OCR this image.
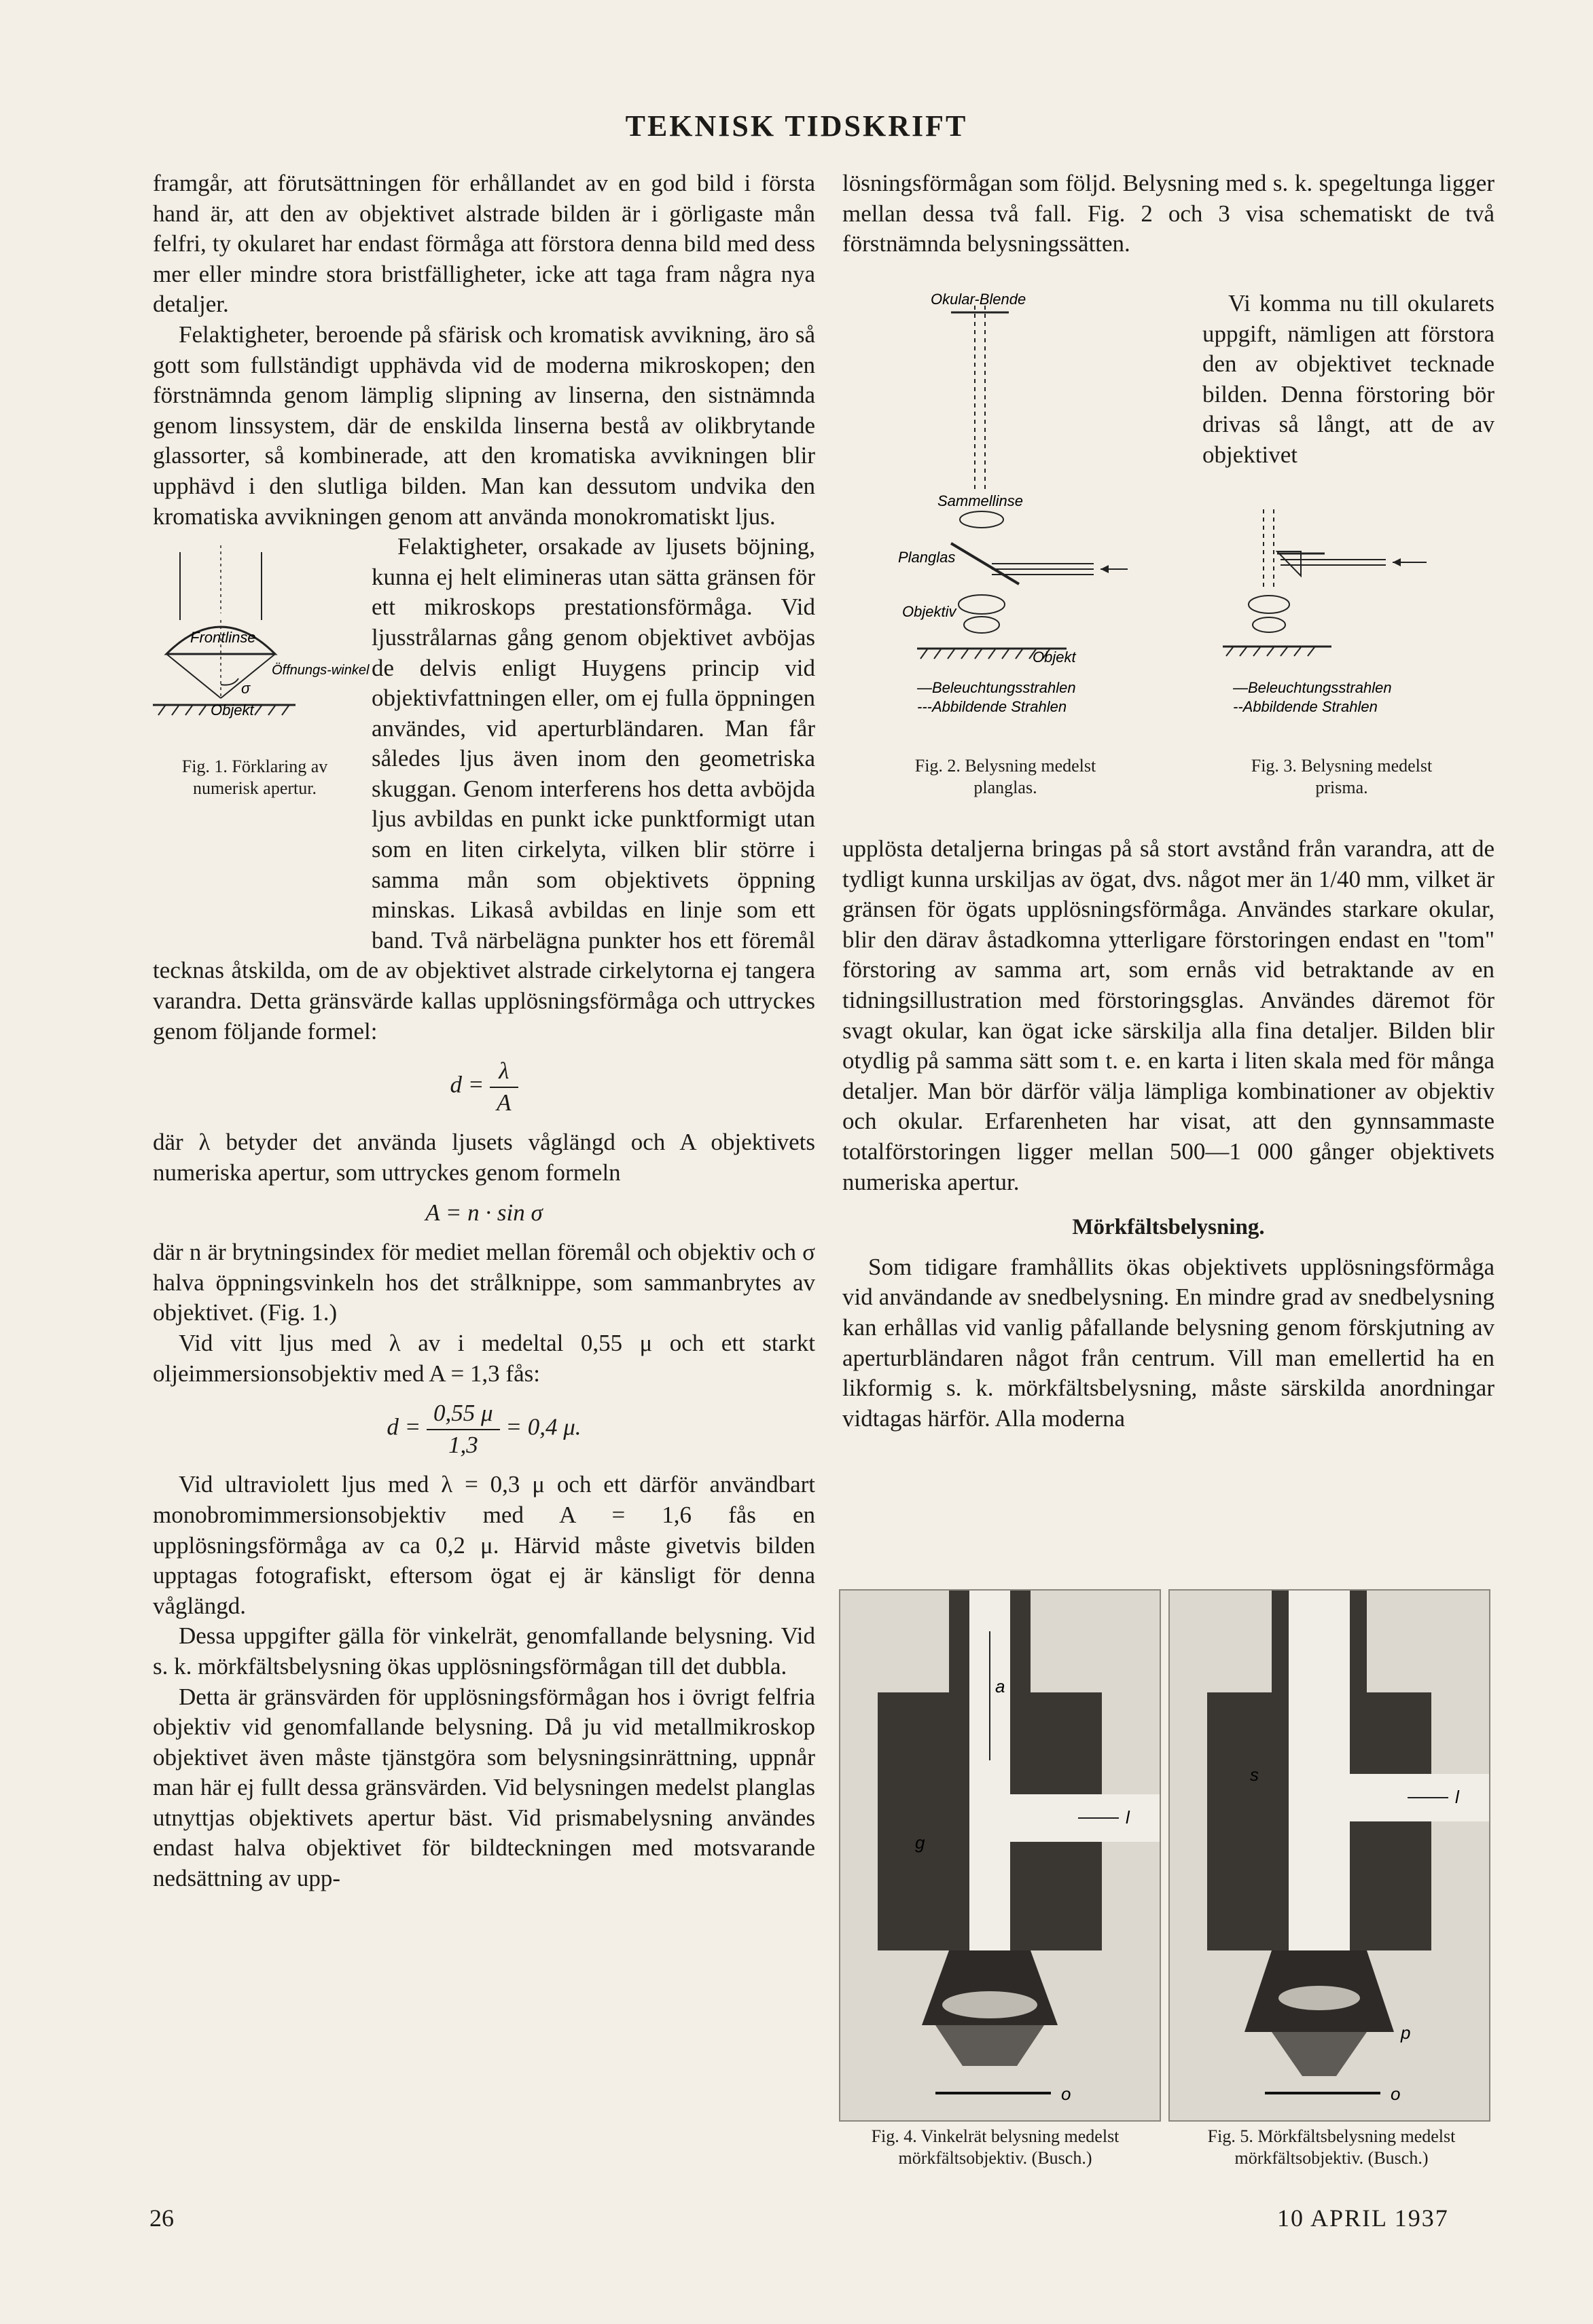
TEKNISK TIDSKRIFT

framgår, att förutsättningen för erhållandet av en god bild i första hand är, att den av objektivet alstrade bilden är i görligaste mån felfri, ty okularet har endast förmåga att förstora denna bild med dess mer eller mindre stora bristfälligheter, icke att taga fram några nya detaljer.

Felaktigheter, beroende på sfärisk och kromatisk avvikning, äro så gott som fullständigt upphävda vid de moderna mikroskopen; den förstnämnda genom lämplig slipning av linserna, den sistnämnda genom linssystem, där de enskilda linserna bestå av olikbrytande glassorter, så kombinerade, att den kromatiska avvikningen blir upphävd i den slutliga bilden. Man kan dessutom undvika den kromatiska avvikningen genom att använda monokromatiskt ljus.

Frontlinse
Öffnungs-winkel
σ
Objekt
Fig. 1. Förklaring av numerisk apertur.

Felaktigheter, orsakade av ljusets böjning, kunna ej helt elimineras utan sätta gränsen för ett mikroskops prestationsförmåga. Vid ljusstrålarnas gång genom objektivet avböjas de delvis enligt Huygens princip vid objektivfattningen eller, om ej fulla öppningen användes, vid aperturbländaren. Man får således ljus även inom den geometriska skuggan. Genom interferens hos detta avböjda ljus avbildas en punkt icke punktformigt utan som en liten cirkelyta, vilken blir större i samma mån som objektivets öppning minskas. Likaså avbildas en linje som ett band. Två närbelägna punkter hos ett föremål tecknas åtskilda, om de av objektivet alstrade cirkelytorna ej tangera varandra. Detta gränsvärde kallas upplösningsförmåga och uttryckes genom följande formel:

$d = \frac{\lambda}{A}$

där λ betyder det använda ljusets våglängd och A objektivets numeriska apertur, som uttryckes genom formeln

A = n · sin σ

där n är brytningsindex för mediet mellan föremål och objektiv och σ halva öppningsvinkeln hos det strålknippe, som sammanbrytes av objektivet. (Fig. 1.)

Vid vitt ljus med λ av i medeltal 0,55 μ och ett starkt oljeimmersionsobjektiv med A = 1,3 fås:

$d = \frac{0,55 \mu}{1,3} = 0,4$ μ.

Vid ultraviolett ljus med λ = 0,3 μ och ett därför användbart monobromimmersionsobjektiv med A = 1,6 fås en upplösningsförmåga av ca 0,2 μ. Härvid måste givetvis bilden upptagas fotografiskt, eftersom ögat ej är känsligt för denna våglängd.

Dessa uppgifter gälla för vinkelrät, genomfallande belysning. Vid s. k. mörkfältsbelysning ökas upplösningsförmågan till det dubbla.

Detta är gränsvärden för upplösningsförmågan hos i övrigt felfria objektiv vid genomfallande belysning. Då ju vid metallmikroskop objektivet även måste tjänstgöra som belysningsinrättning, uppnår man här ej fullt dessa gränsvärden. Vid belysningen medelst planglas utnyttjas objektivets apertur bäst. Vid prismabelysning användes endast halva objektivet för bildteckningen med motsvarande nedsättning av upp-

lösningsförmågan som följd. Belysning med s. k. spegeltunga ligger mellan dessa två fall. Fig. 2 och 3 visa schematiskt de två förstnämnda belysningssätten.

Okular-Blende
Sammellinse
Planglas
Objektiv
Objekt
—Beleuchtungsstrahlen
---Abbildende Strahlen
Fig. 2. Belysning medelst planglas.

Vi komma nu till okularets uppgift, nämligen att förstora den av objektivet tecknade bilden. Denna förstoring bör drivas så långt, att de av objektivet

—Beleuchtungsstrahlen
--Abbildende Strahlen
Fig. 3. Belysning medelst prisma.

upplösta detaljerna bringas på så stort avstånd från varandra, att de tydligt kunna urskiljas av ögat, dvs. något mer än 1/40 mm, vilket är gränsen för ögats upplösningsförmåga. Användes starkare okular, blir den därav åstadkomna ytterligare förstoringen endast en "tom" förstoring av samma art, som ernås vid betraktande av en tidningsillustration med förstoringsglas. Användes däremot för svagt okular, kan ögat icke särskilja alla fina detaljer. Bilden blir otydlig på samma sätt som t. e. en karta i liten skala med för många detaljer. Man bör därför välja lämpliga kombinationer av objektiv och okular. Erfarenheten har visat, att den gynnsammaste totalförstoringen ligger mellan 500—1 000 gånger objektivets numeriska apertur.

Mörkfältsbelysning.

Som tidigare framhållits ökas objektivets upplösningsförmåga vid användande av snedbelysning. En mindre grad av snedbelysning kan erhållas vid vanlig påfallande belysning genom förskjutning av aperturbländaren något från centrum. Vill man emellertid ha en likformig s. k. mörkfältsbelysning, måste särskilda anordningar vidtagas härför. Alla moderna

a
l
g
o
Fig. 4. Vinkelrät belysning medelst mörkfältsobjektiv. (Busch.)
s
l
p
o
Fig. 5. Mörkfältsbelysning medelst mörkfältsobjektiv. (Busch.)
26	10 APRIL 1937
